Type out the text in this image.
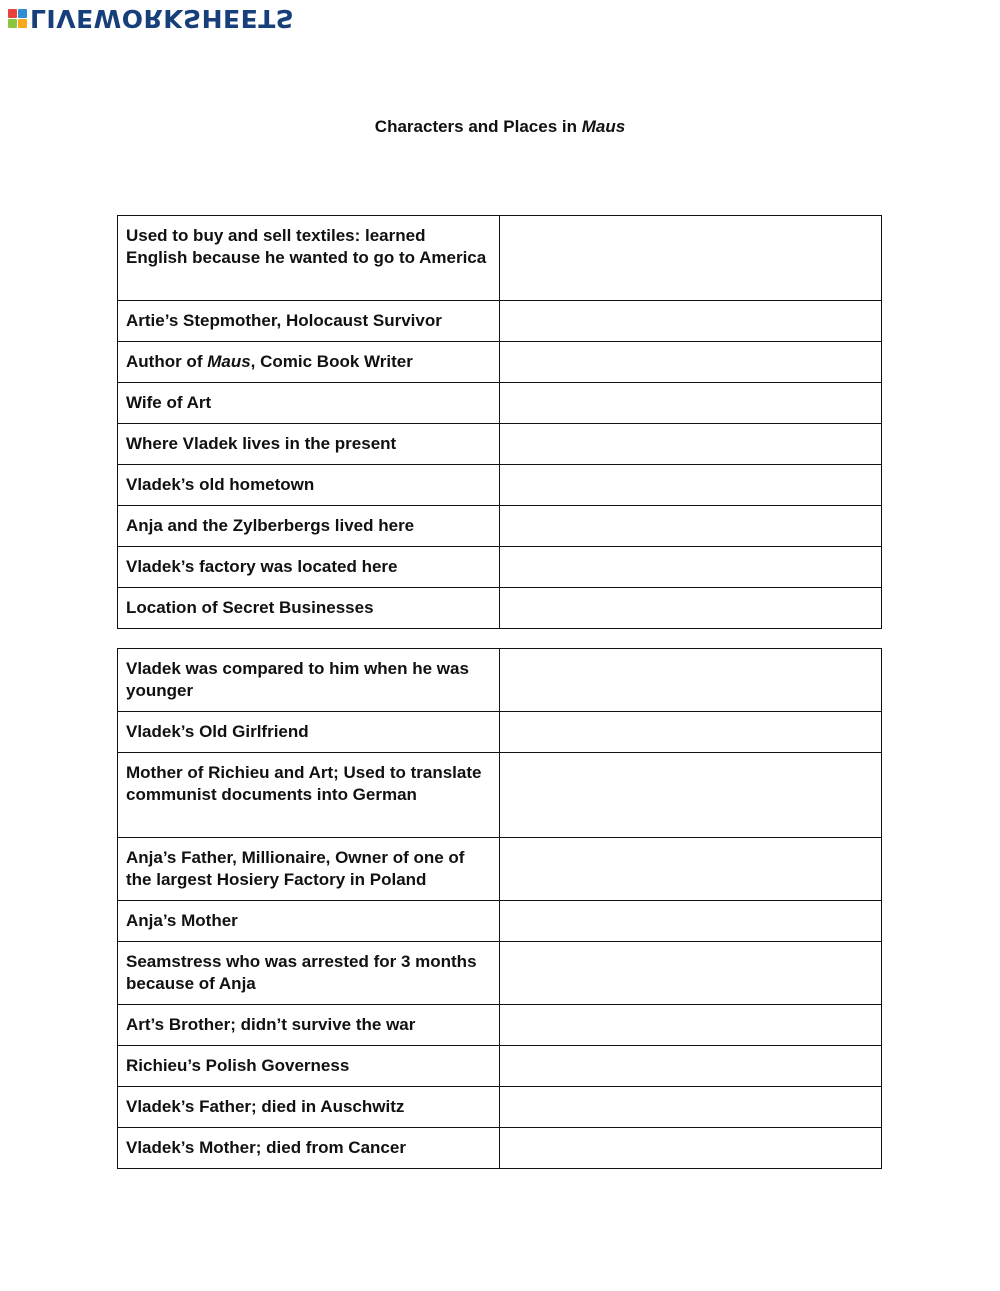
LIVEWORKSHEETS
Characters and Places in Maus
Used to buy and sell textiles: learned English because he wanted to go to America	
Artie’s Stepmother, Holocaust Survivor	
Author of Maus, Comic Book Writer	
Wife of Art	
Where Vladek lives in the present	
Vladek’s old hometown	
Anja and the Zylberbergs lived here	
Vladek’s factory was located here	
Location of Secret Businesses	
Vladek was compared to him when he was younger	
Vladek’s Old Girlfriend	
Mother of Richieu and Art; Used to translate communist documents into German	
Anja’s Father, Millionaire, Owner of one of the largest Hosiery Factory in Poland	
Anja’s Mother	
Seamstress who was arrested for 3 months because of Anja	
Art’s Brother; didn’t survive the war	
Richieu’s Polish Governess	
Vladek’s Father; died in Auschwitz	
Vladek’s Mother; died from Cancer	
